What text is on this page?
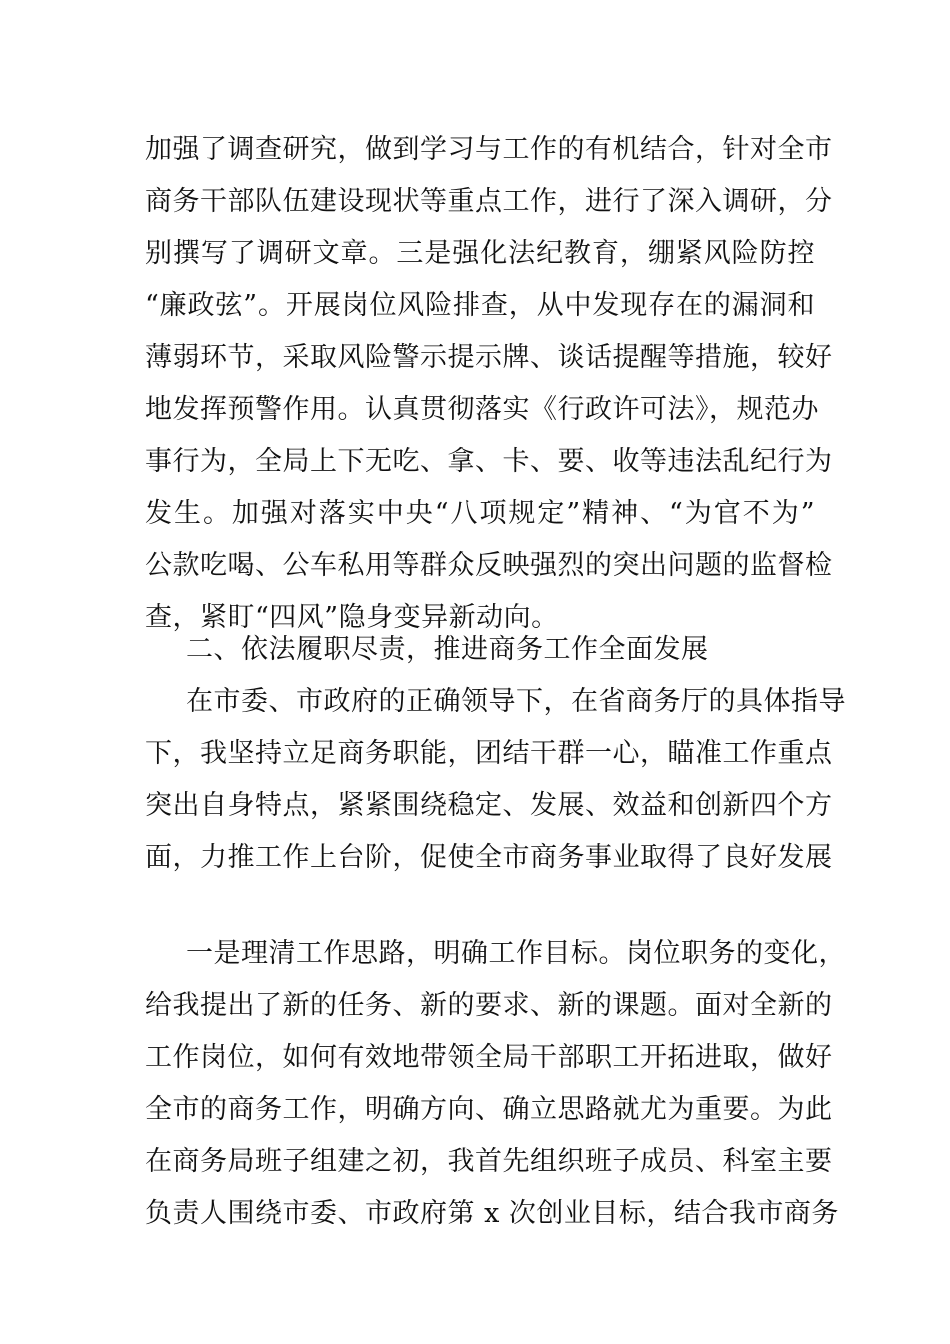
加强了调查研究，做到学习与工作的有机结合，针对全市
商务干部队伍建设现状等重点工作，进行了深入调研，分
别撰写了调研文章。三是强化法纪教育，绷紧风险防控
“廉政弦”。开展岗位风险排查，从中发现存在的漏洞和
薄弱环节，采取风险警示提示牌、谈话提醒等措施，较好
地发挥预警作用。认真贯彻落实《行政许可法》，规范办
事行为，全局上下无吃、拿、卡、要、收等违法乱纪行为
发生。加强对落实中央“八项规定”精神、“为官不为”
公款吃喝、公车私用等群众反映强烈的突出问题的监督检
查，紧盯“四风”隐身变异新动向。
二、依法履职尽责，推进商务工作全面发展
在市委、市政府的正确领导下，在省商务厅的具体指导
下，我坚持立足商务职能，团结干群一心，瞄准工作重点
突出自身特点，紧紧围绕稳定、发展、效益和创新四个方
面，力推工作上台阶，促使全市商务事业取得了良好发展
一是理清工作思路，明确工作目标。岗位职务的变化，
给我提出了新的任务、新的要求、新的课题。面对全新的
工作岗位，如何有效地带领全局干部职工开拓进取，做好
全市的商务工作，明确方向、确立思路就尤为重要。为此
在商务局班子组建之初，我首先组织班子成员、科室主要
负责人围绕市委、市政府第 x 次创业目标，结合我市商务
